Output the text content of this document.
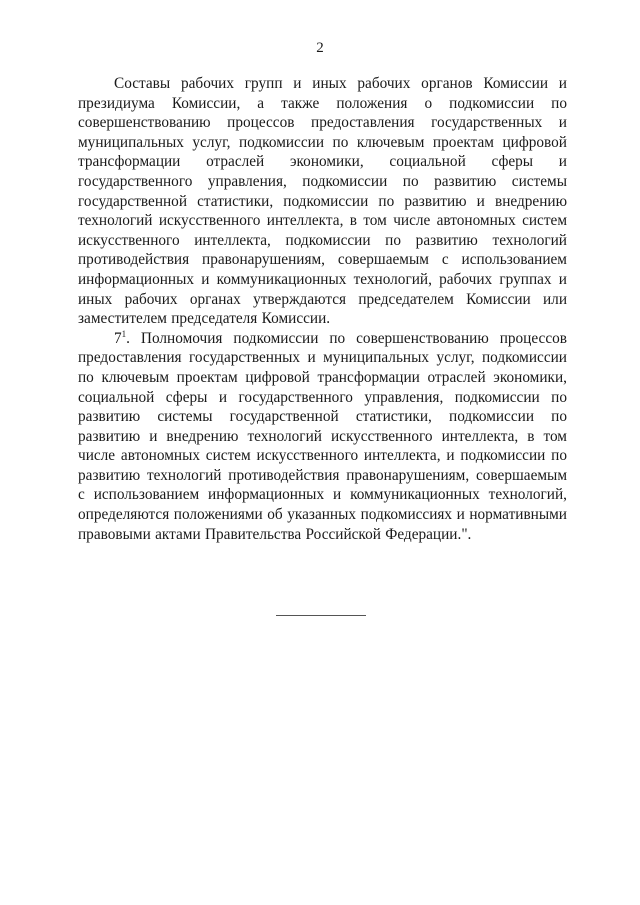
2

Составы рабочих групп и иных рабочих органов Комиссии и президиума Комиссии, а также положения о подкомиссии по совершенствованию процессов предоставления государственных и муниципальных услуг, подкомиссии по ключевым проектам цифровой трансформации отраслей экономики, социальной сферы и государственного управления, подкомиссии по развитию системы государственной статистики, подкомиссии по развитию и внедрению технологий искусственного интеллекта, в том числе автономных систем искусственного интеллекта, подкомиссии по развитию технологий противодействия правонарушениям, совершаемым с использованием информационных и коммуникационных технологий, рабочих группах и иных рабочих органах утверждаются председателем Комиссии или заместителем председателя Комиссии.

$7^1$. Полномочия подкомиссии по совершенствованию процессов предоставления государственных и муниципальных услуг, подкомиссии по ключевым проектам цифровой трансформации отраслей экономики, социальной сферы и государственного управления, подкомиссии по развитию системы государственной статистики, подкомиссии по развитию и внедрению технологий искусственного интеллекта, в том числе автономных систем искусственного интеллекта, и подкомиссии по развитию технологий противодействия правонарушениям, совершаемым с использованием информационных и коммуникационных технологий, определяются положениями об указанных подкомиссиях и нормативными правовыми актами Правительства Российской Федерации.".
